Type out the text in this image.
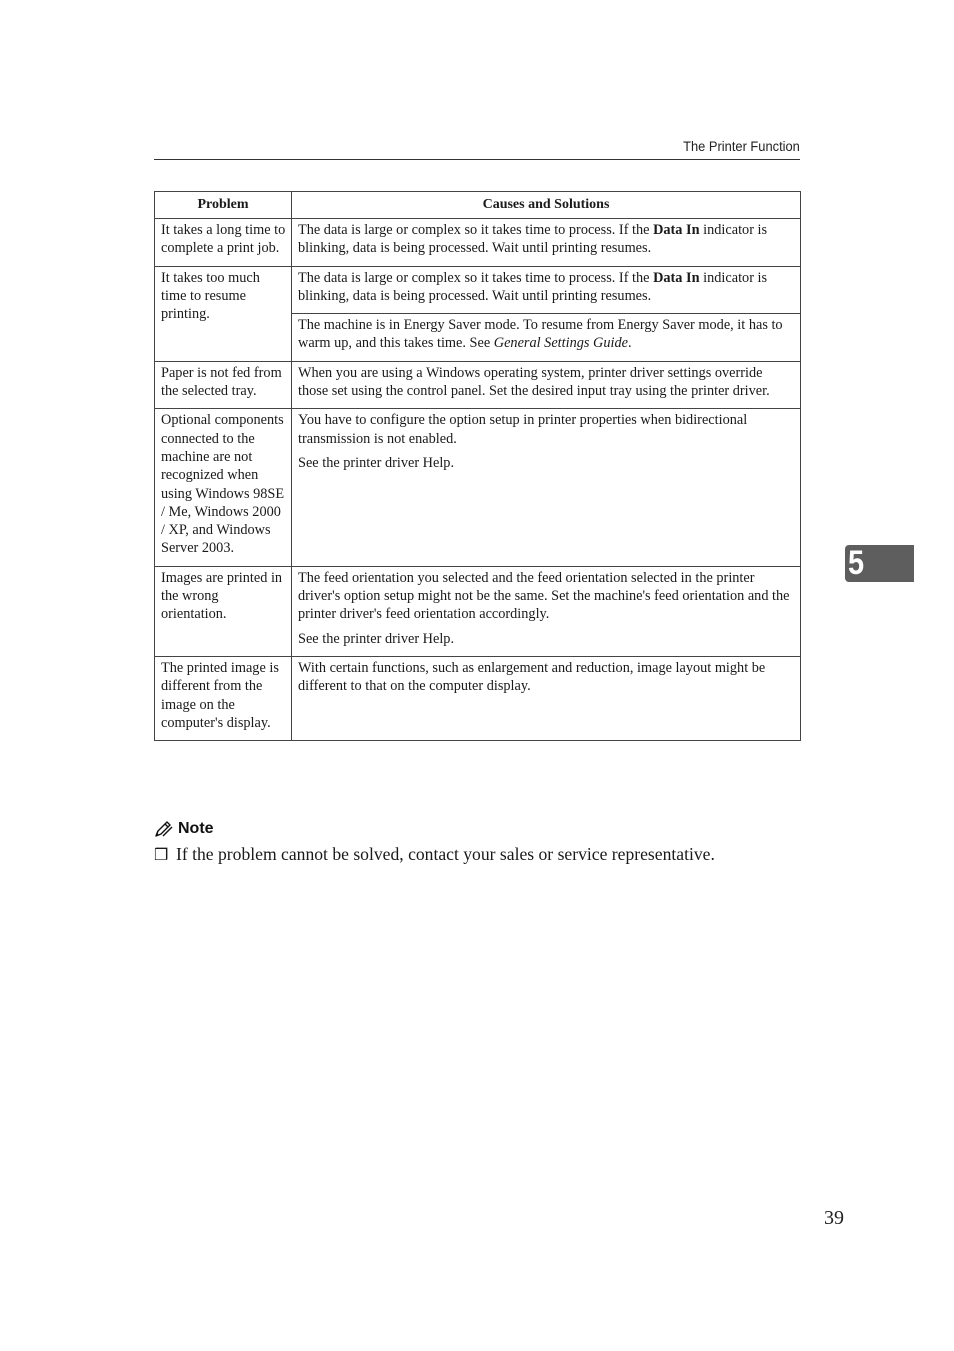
The Printer Function
Problem	Causes and Solutions
It takes a long time to complete a print job.	The data is large or complex so it takes time to process. If the Data In indicator is blinking, data is being processed. Wait until printing resumes.

It takes too much time to resume printing.	The data is large or complex so it takes time to process. If the Data In indicator is blinking, data is being processed. Wait until printing resumes.

	The machine is in Energy Saver mode. To resume from Energy Saver mode, it has to warm up, and this takes time. See General Settings Guide.

Paper is not fed from the selected tray.	When you are using a Windows operating system, printer driver settings override those set using the control panel. Set the desired input tray using the printer driver.

Optional components connected to the machine are not recognized when using Windows 98SE / Me, Windows 2000 / XP, and Windows Server 2003.	You have to configure the option setup in printer properties when bidirectional transmission is not enabled.

See the printer driver Help.

Images are printed in the wrong orientation.	The feed orientation you selected and the feed orientation selected in the printer driver's option setup might not be the same. Set the machine's feed orientation and the printer driver's feed orientation accordingly.

See the printer driver Help.

The printed image is different from the image on the computer's display.	With certain functions, such as enlargement and reduction, image layout might be different to that on the computer display.

Note
❒ If the problem cannot be solved, contact your sales or service representative.
5
39
